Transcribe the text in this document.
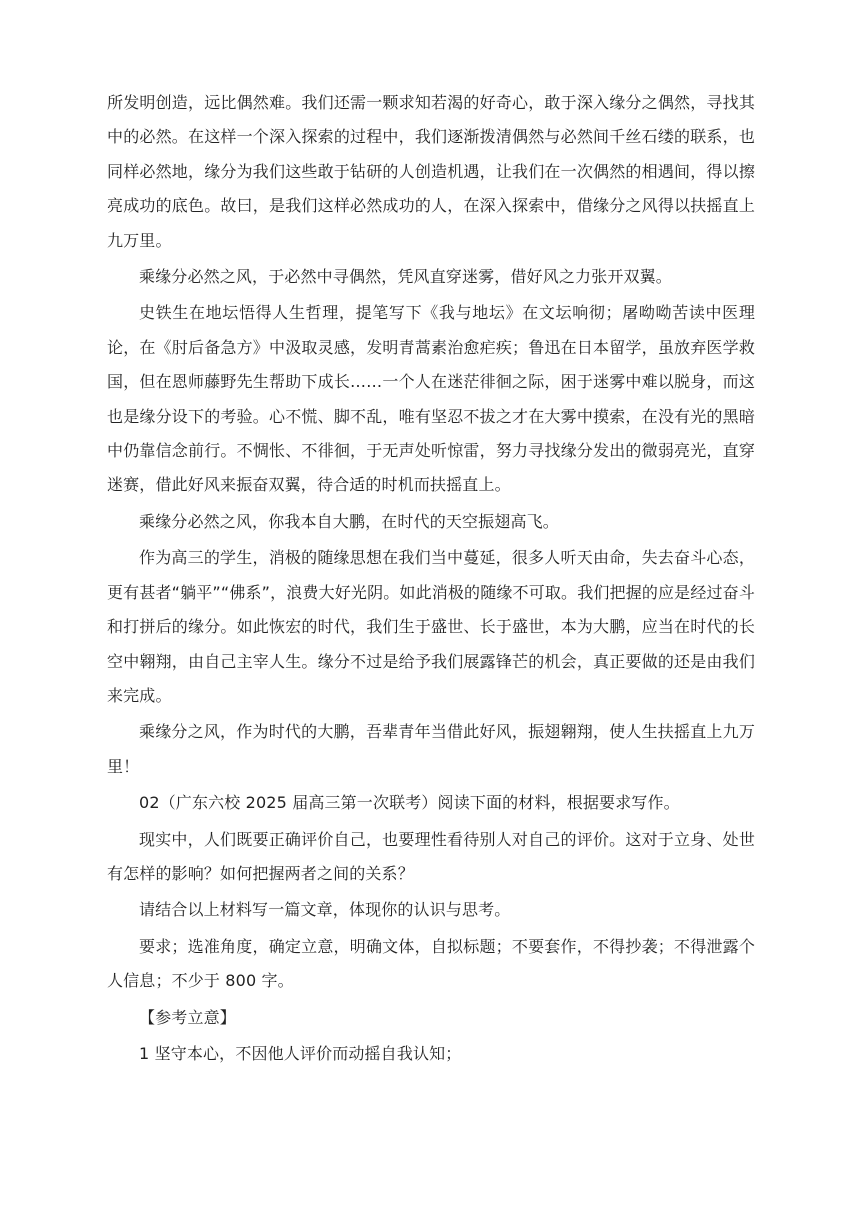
所发明创造，远比偶然难。我们还需一颗求知若渴的好奇心，敢于深入缘分之偶然，寻找其中的必然。在这样一个深入探索的过程中，我们逐渐拨清偶然与必然间千丝石缕的联系，也同样必然地，缘分为我们这些敢于钻研的人创造机遇，让我们在一次偶然的相遇间，得以擦亮成功的底色。故曰，是我们这样必然成功的人，在深入探索中，借缘分之风得以扶摇直上九万里。

乘缘分必然之风，于必然中寻偶然，凭风直穿迷雾，借好风之力张开双翼。

史铁生在地坛悟得人生哲理，提笔写下《我与地坛》在文坛响彻；屠呦呦苦读中医理论，在《肘后备急方》中汲取灵感，发明青蒿素治愈疟疾；鲁迅在日本留学，虽放弃医学救国，但在恩师藤野先生帮助下成长……一个人在迷茫徘徊之际，困于迷雾中难以脱身，而这也是缘分设下的考验。心不慌、脚不乱，唯有坚忍不拔之才在大雾中摸索，在没有光的黑暗中仍靠信念前行。不惆怅、不徘徊，于无声处听惊雷，努力寻找缘分发出的微弱亮光，直穿迷赛，借此好风来振奋双翼，待合适的时机而扶摇直上。

乘缘分必然之风，你我本自大鹏，在时代的天空振翅高飞。

作为高三的学生，消极的随缘思想在我们当中蔓延，很多人听天由命，失去奋斗心态，更有甚者“躺平”“佛系”，浪费大好光阴。如此消极的随缘不可取。我们把握的应是经过奋斗和打拼后的缘分。如此恢宏的时代，我们生于盛世、长于盛世，本为大鹏，应当在时代的长空中翱翔，由自己主宰人生。缘分不过是给予我们展露锋芒的机会，真正要做的还是由我们来完成。

乘缘分之风，作为时代的大鹏，吾辈青年当借此好风，振翅翱翔，使人生扶摇直上九万里！

02（广东六校 2025 届高三第一次联考）阅读下面的材料，根据要求写作。

现实中，人们既要正确评价自己，也要理性看待别人对自己的评价。这对于立身、处世有怎样的影响？如何把握两者之间的关系？

请结合以上材料写一篇文章，体现你的认识与思考。

要求；选准角度，确定立意，明确文体，自拟标题；不要套作，不得抄袭；不得泄露个人信息；不少于 800 字。

【参考立意】

1 坚守本心，不因他人评价而动摇自我认知；
